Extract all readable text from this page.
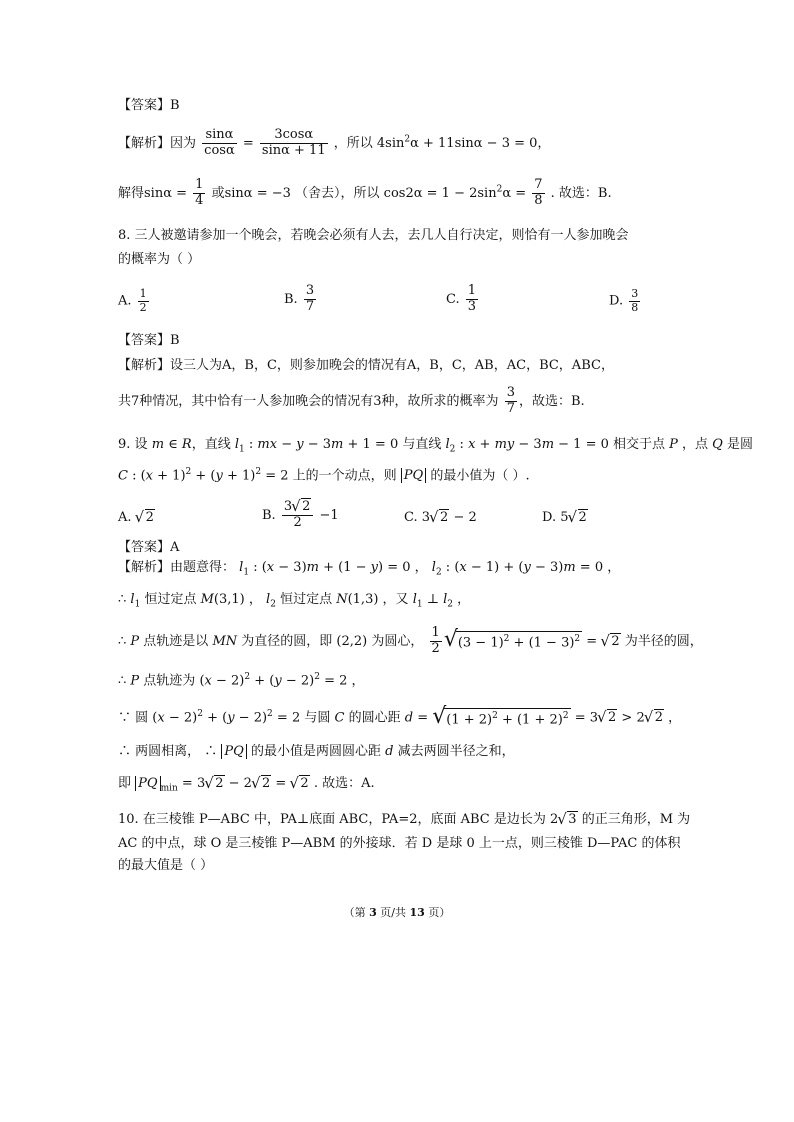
【答案】B
【解析】因为 $\frac{\sin\alpha}{\cos\alpha} = \frac{3\cos\alpha}{\sin\alpha + 11}$ ，所以 $4\sin^2\alpha + 11\sin\alpha - 3 = 0$，
解得$\sin\alpha = \frac{1}{4}$ 或sinα = −3 （舍去），所以 $\cos 2\alpha = 1 - 2\sin^2\alpha = \frac{7}{8}$ . 故选：B.
8. 三人被邀请参加一个晚会，若晚会必须有人去，去几人自行决定，则恰有一人参加晚会
的概率为（ ）
A. $\frac{1}{2}$	B. $\frac{3}{7}$	C. $\frac{1}{3}$	D. $\frac{3}{8}$
【答案】B
【解析】设三人为A，B，C，则参加晚会的情况有A，B，C，AB，AC，BC，ABC，
共7种情况，其中恰有一人参加晚会的情况有3种，故所求的概率为 $\frac{3}{7}$ ，故选：B.
9. 设 m ∈ R，直线 $l_1$ : mx − y − 3m + 1 = 0 与直线 $l_2$ : x + my − 3m − 1 = 0 相交于点 P ，点 Q 是圆
C : $(x + 1)^2 + (y + 1)^2 = 2$ 上的一个动点，则 PQ 的最小值为（ ）.
A. √ 2	B. $\frac{3√ 2}{2} -1$	C. 3√ 2 − 2	D. 5√ 2
【答案】A
【解析】由题意得： $l_1$ : (x − 3)m + (1 − y) = 0 ， $l_2$ : (x − 1) + (y − 3)m = 0 ，
∴ $l_1$ 恒过定点 M(3,1) ， $l_2$ 恒过定点 N(1,3) ，又 $l_1$ ⊥ $l_2$ ，
∴ P 点轨迹是以 MN 为直径的圆，即 (2,2) 为圆心， $\frac{1}{2}$
√ $(3 - 1)^2 + (1 - 3)^2$ = √ 2 为半径的圆，
∴ P 点轨迹为 $(x - 2)^2 + (y - 2)^2 = 2$ ，
∵ 圆 $(x - 2)^2 + (y - 2)^2 = 2$ 与圆 C 的圆心距 d = √ $(1 + 2)^2 + (1 + 2)^2 = 3√$ 2 > 2√ 2 ，
∴ 两圆相离， ∴ PQ 的最小值是两圆圆心距 d 减去两圆半径之和，
即 PQ $_{min}$ = 3√ 2 − 2√ 2 = √ 2 . 故选：A.
10. 在三棱锥 P—ABC 中，PA⊥底面 ABC，PA=2，底面 ABC 是边长为 2√ 3 的正三角形，M 为
AC 的中点，球 O 是三棱锥 P—ABM 的外接球．若 D 是球 0 上一点，则三棱锥 D—PAC 的体积
的最大值是（ ）
（第 3 页/共 13 页）
